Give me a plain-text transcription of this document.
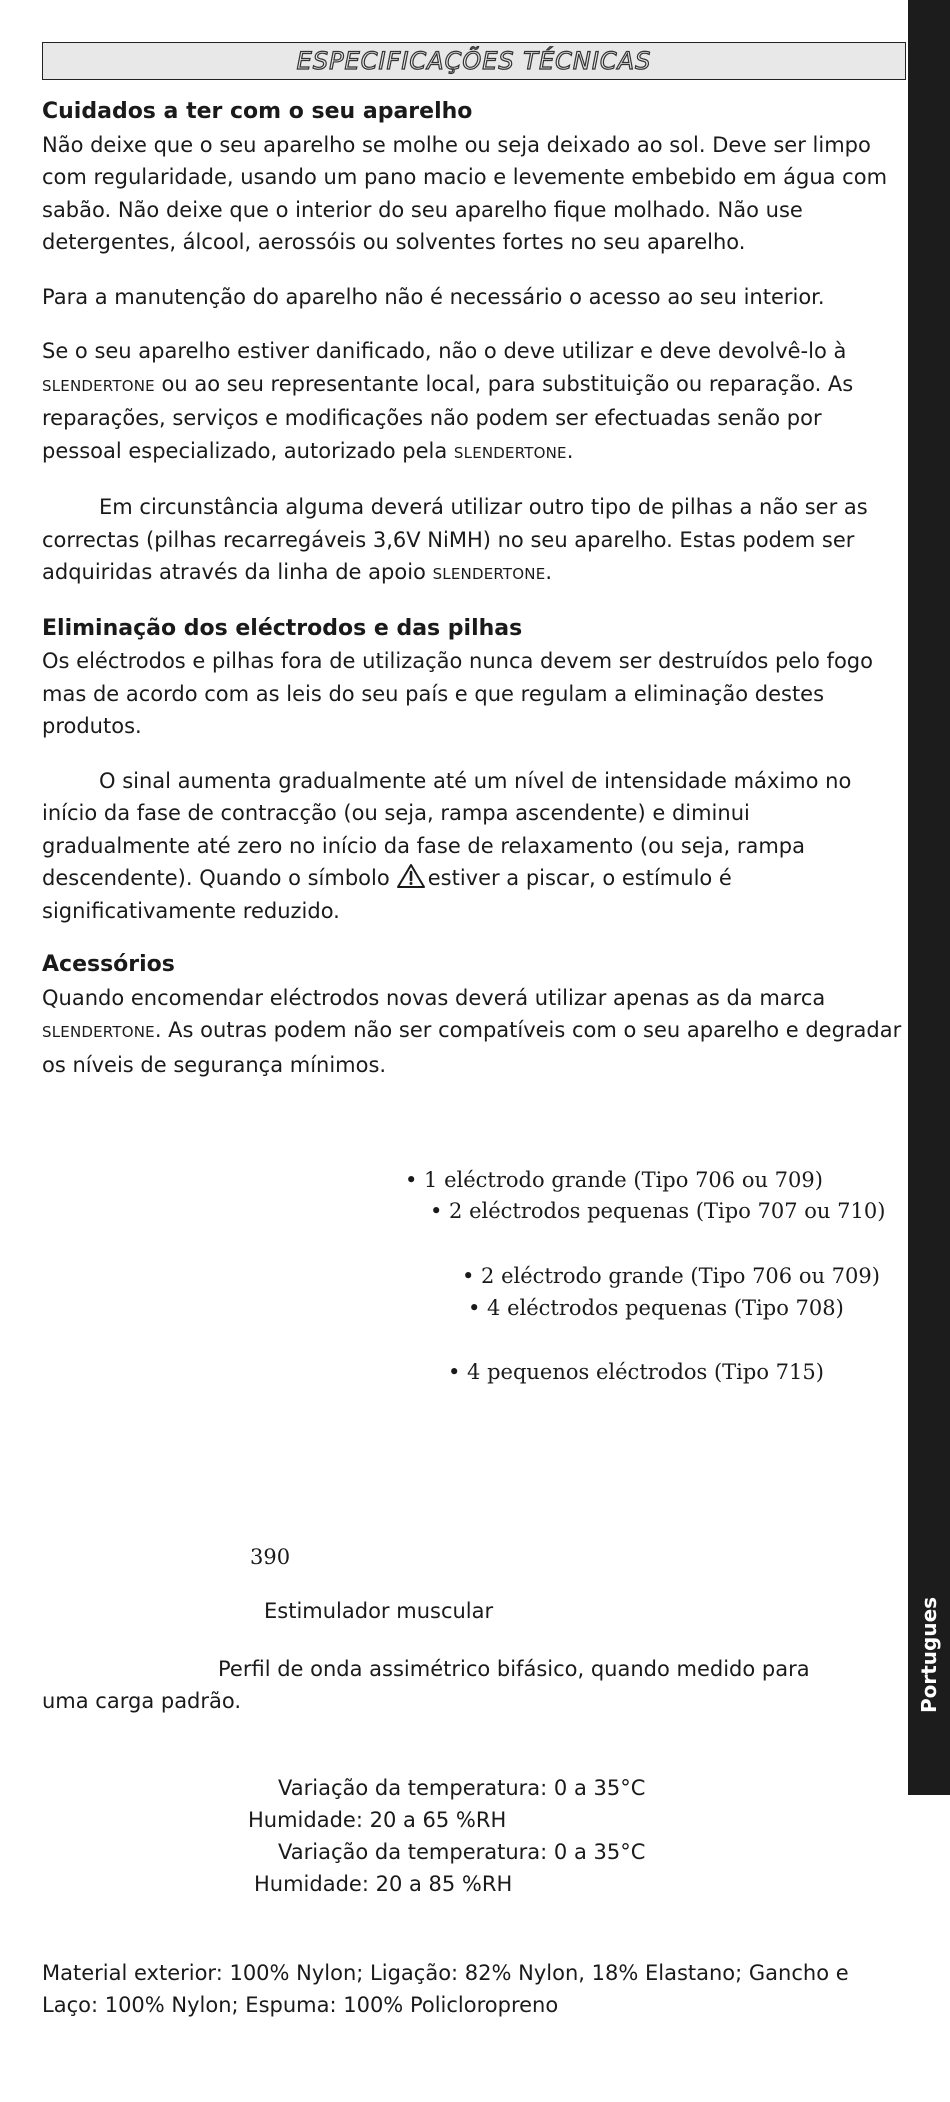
ESPECIFICAÇÕES TÉCNICAS
Portugues
Cuidados a ter com o seu aparelho

Não deixe que o seu aparelho se molhe ou seja deixado ao sol. Deve ser limpo com regularidade, usando um pano macio e levemente embebido em água com sabão. Não deixe que o interior do seu aparelho fique molhado. Não use detergentes, álcool, aerossóis ou solventes fortes no seu aparelho.

Para a manutenção do aparelho não é necessário o acesso ao seu interior.

Se o seu aparelho estiver danificado, não o deve utilizar e deve devolvê-lo à SLENDERTONE ou ao seu representante local, para substituição ou reparação. As reparações, serviços e modificações não podem ser efectuadas senão por pessoal especializado, autorizado pela SLENDERTONE.

Em circunstância alguma deverá utilizar outro tipo de pilhas a não ser as correctas (pilhas recarregáveis 3,6V NiMH) no seu aparelho. Estas podem ser adquiridas através da linha de apoio SLENDERTONE.

Eliminação dos eléctrodos e das pilhas

Os eléctrodos e pilhas fora de utilização nunca devem ser destruídos pelo fogo mas de acordo com as leis do seu país e que regulam a eliminação destes produtos.

O sinal aumenta gradualmente até um nível de intensidade máximo no início da fase de contracção (ou seja, rampa ascendente) e diminui gradualmente até zero no início da fase de relaxamento (ou seja, rampa descendente). Quando o símbolo estiver a piscar, o estímulo é significativamente reduzido.

Acessórios

Quando encomendar eléctrodos novas deverá utilizar apenas as da marca
SLENDERTONE. As outras podem não ser compatíveis com o seu aparelho e degradar os níveis de segurança mínimos.

• 1 eléctrodo grande (Tipo 706 ou 709)
• 2 eléctrodos pequenas (Tipo 707 ou 710)
• 2 eléctrodo grande (Tipo 706 ou 709)
• 4 eléctrodos pequenas (Tipo 708)
• 4 pequenos eléctrodos (Tipo 715)
390
Estimulador muscular
Perfil de onda assimétrico bifásico, quando medido para
uma carga padrão.
Variação da temperatura: 0 a 35°C
Humidade: 20 a 65 %RH
Variação da temperatura: 0 a 35°C
Humidade: 20 a 85 %RH
Material exterior: 100% Nylon; Ligação: 82% Nylon, 18% Elastano; Gancho e
Laço: 100% Nylon; Espuma: 100% Policloropreno
